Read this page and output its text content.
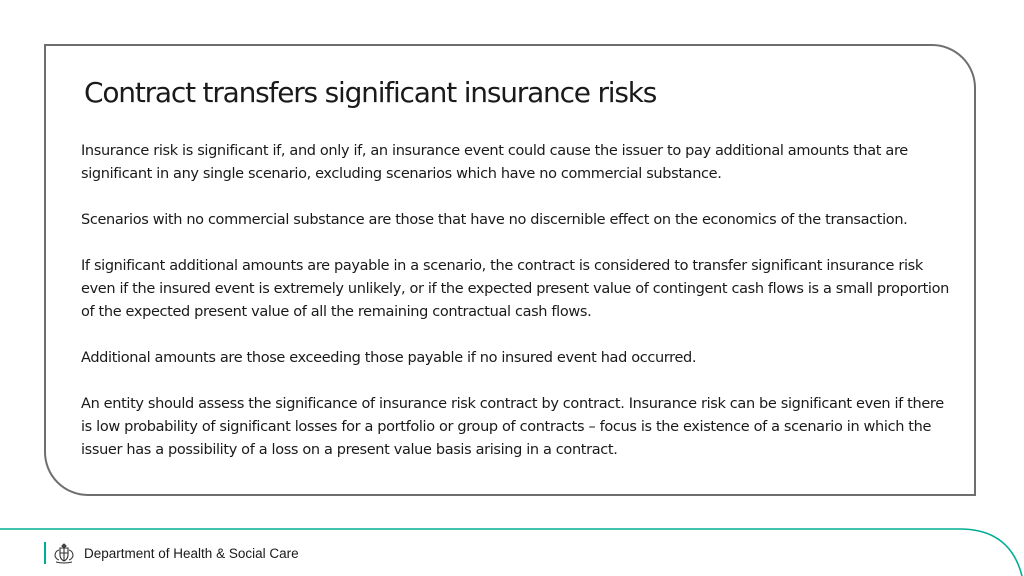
Contract transfers significant insurance risks

Insurance risk is significant if, and only if, an insurance event could cause the issuer to pay additional amounts that are significant in any single scenario, excluding scenarios which have no commercial substance.

Scenarios with no commercial substance are those that have no discernible effect on the economics of the transaction.

If significant additional amounts are payable in a scenario, the contract is considered to transfer significant insurance risk even if the insured event is extremely unlikely, or if the expected present value of contingent cash flows is a small proportion of the expected present value of all the remaining contractual cash flows.

Additional amounts are those exceeding those payable if no insured event had occurred.

An entity should assess the significance of insurance risk contract by contract. Insurance risk can be significant even if there is low probability of significant losses for a portfolio or group of contracts – focus is the existence of a scenario in which the issuer has a possibility of a loss on a present value basis arising in a contract.

Department of Health & Social Care
